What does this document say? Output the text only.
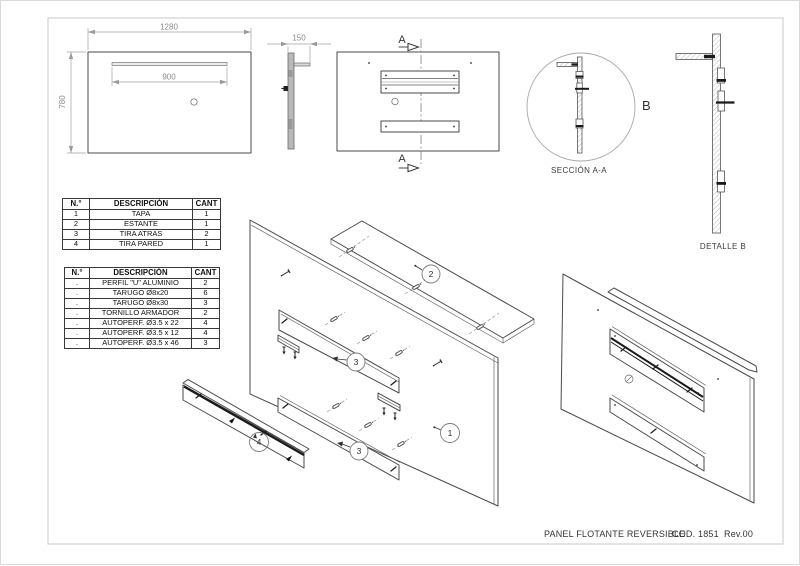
1280
900
780
150	A
A
B
SECCIÓN A-A
DETALLE B
3
3
4
2
1
PANEL FLOTANTE REVERSIBLE
COD. 1851 Rev.00
N.°	DESCRIPCIÓN	CANT
1	TAPA	1
2	ESTANTE	1
3	TIRA ATRAS	2
4	TIRA PARED	1
N.°	DESCRIPCIÓN	CANT
.	PERFIL "U" ALUMINIO	2
.	TARUGO Ø8x20	6
.	TARUGO Ø8x30	3
.	TORNILLO ARMADOR	2
.	AUTOPERF. Ø3.5 x 22	4
.	AUTOPERF. Ø3.5 x 12	4
.	AUTOPERF. Ø3.5 x 46	3
